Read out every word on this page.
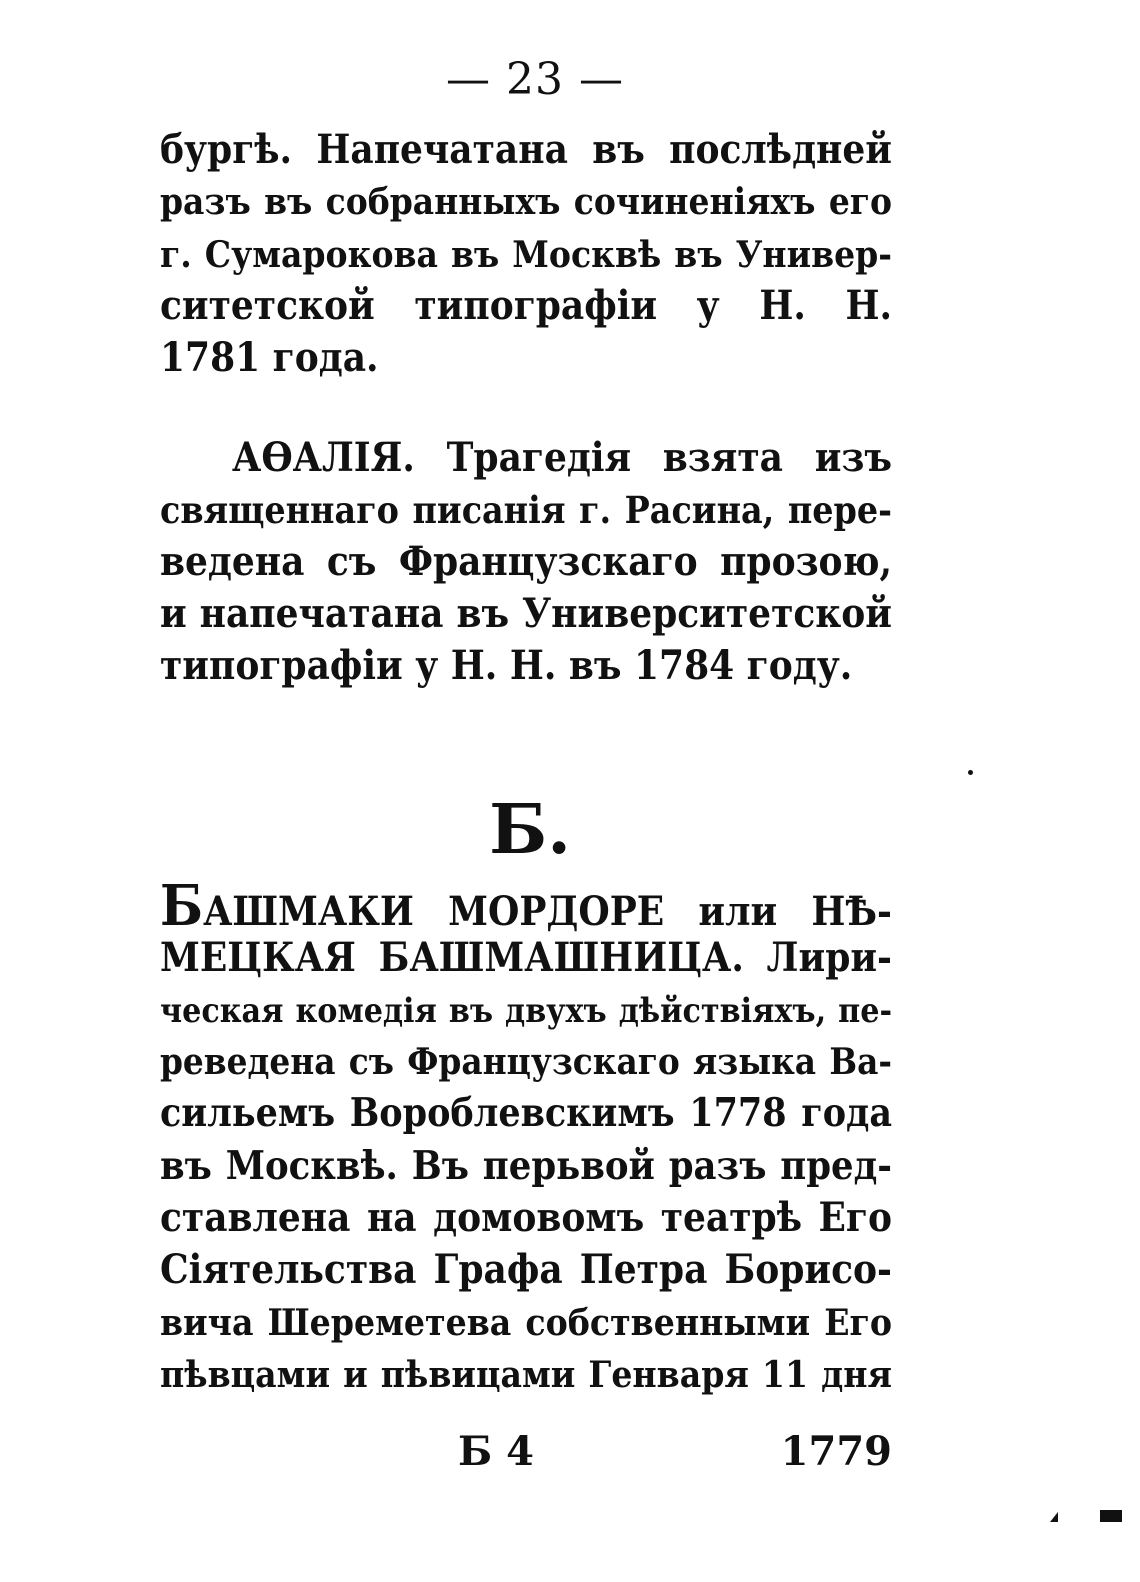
— 23 —
бургѣ. Напечатана въ послѣдней
разъ въ собранныхъ сочиненіяхъ его
г. Сумарокова въ Москвѣ въ Универ-
ситетской типографіи у Н. Н.
1781 года.
АѲАЛІЯ. Трагедія взята изъ
священнаго писанія г. Расина, пере-
ведена съ Французскаго прозою,
и напечатана въ Университетской
типографіи у Н. Н. въ 1784 году.
Б.
БАШМАКИ МОРДОРЕ или НѢ-
МЕЦКАЯ БАШМАШНИЦА. Лири-
ческая комедія въ двухъ дѣйствіяхъ, пе-
реведена съ Французскаго языка Ва-
сильемъ Вороблевскимъ 1778 года
въ Москвѣ. Въ перьвой разъ пред-
ставлена на домовомъ театрѣ Его
Сіятельства Графа Петра Борисо-
вича Шереметева собственными Его
пѣвцами и пѣвицами Генваря 11 дня
Б 4	1779
